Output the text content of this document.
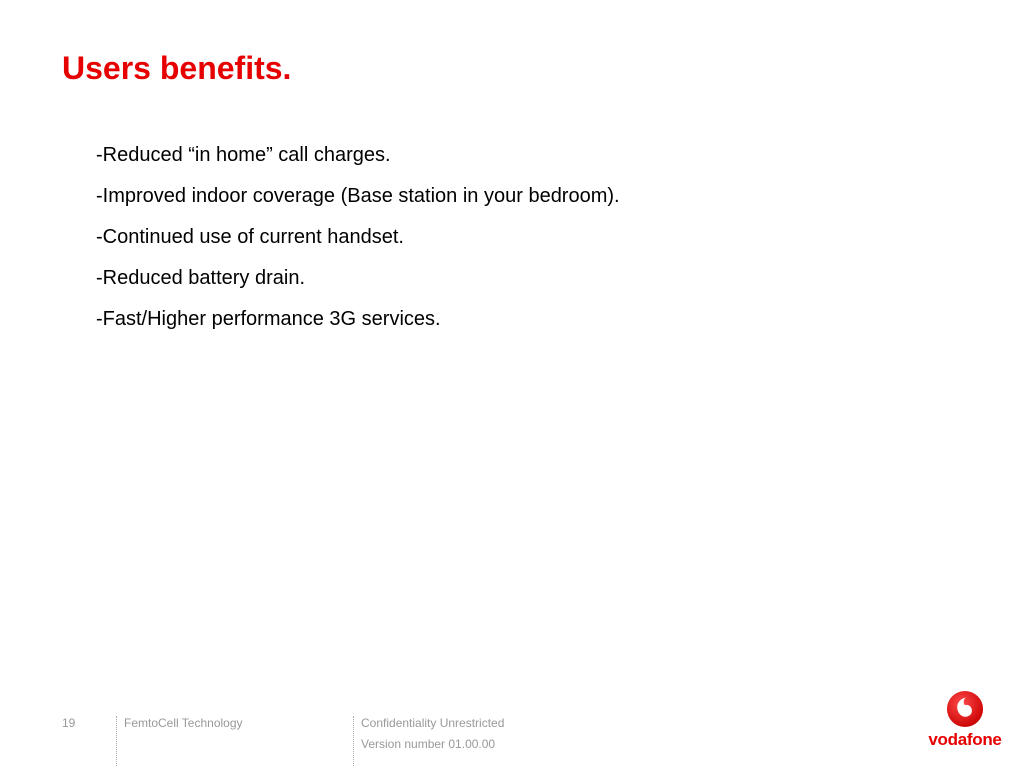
Users benefits.
-Reduced “in home” call charges.
-Improved indoor coverage (Base station in your bedroom).
-Continued use of current handset.
-Reduced battery drain.
-Fast/Higher performance 3G services.
19	FemtoCell Technology	Confidentiality Unrestricted
Version number 01.00.00	vodafone
